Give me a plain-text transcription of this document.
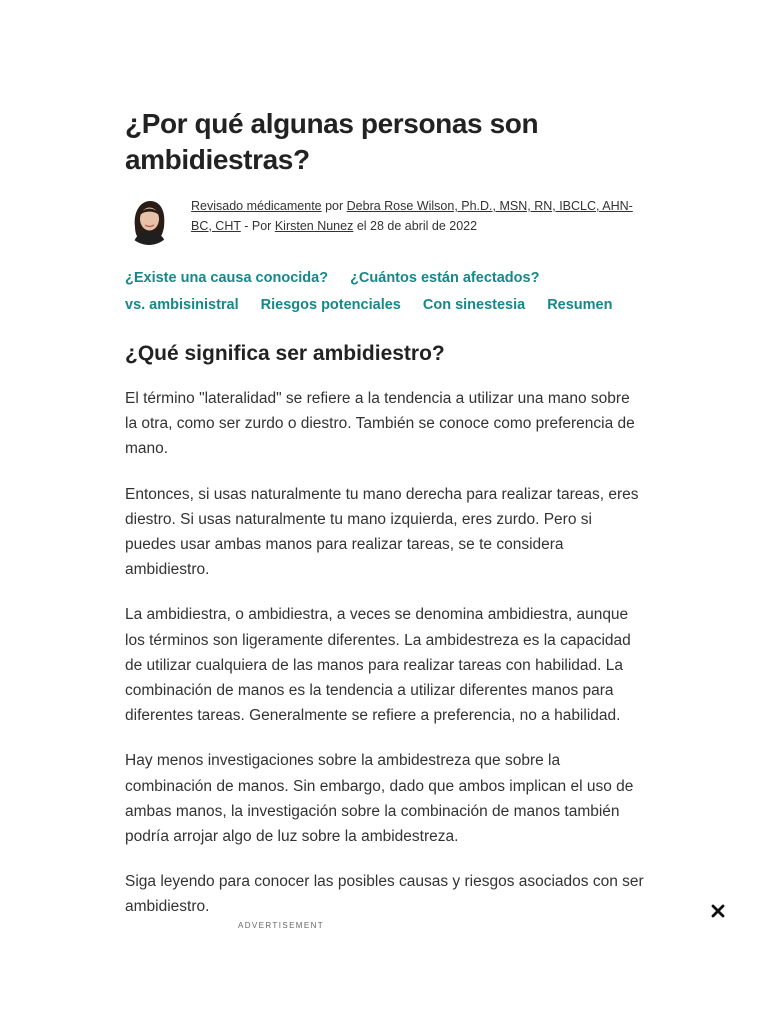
¿Por qué algunas personas son ambidiestras?
Revisado médicamente por Debra Rose Wilson, Ph.D., MSN, RN, IBCLC, AHN-BC, CHT - Por Kirsten Nunez el 28 de abril de 2022
¿Existe una causa conocida? ¿Cuántos están afectados?
vs. ambisinistral Riesgos potenciales Con sinestesia Resumen
¿Qué significa ser ambidiestro?

El término "lateralidad" se refiere a la tendencia a utilizar una mano sobre la otra, como ser zurdo o diestro. También se conoce como preferencia de mano.

Entonces, si usas naturalmente tu mano derecha para realizar tareas, eres diestro. Si usas naturalmente tu mano izquierda, eres zurdo. Pero si puedes usar ambas manos para realizar tareas, se te considera ambidiestro.

La ambidiestra, o ambidiestra, a veces se denomina ambidiestra, aunque los términos son ligeramente diferentes. La ambidestreza es la capacidad de utilizar cualquiera de las manos para realizar tareas con habilidad. La combinación de manos es la tendencia a utilizar diferentes manos para diferentes tareas. Generalmente se refiere a preferencia, no a habilidad.

Hay menos investigaciones sobre la ambidestreza que sobre la combinación de manos. Sin embargo, dado que ambos implican el uso de ambas manos, la investigación sobre la combinación de manos también podría arrojar algo de luz sobre la ambidestreza.

Siga leyendo para conocer las posibles causas y riesgos asociados con ser ambidiestro.

ADVERTISEMENT
